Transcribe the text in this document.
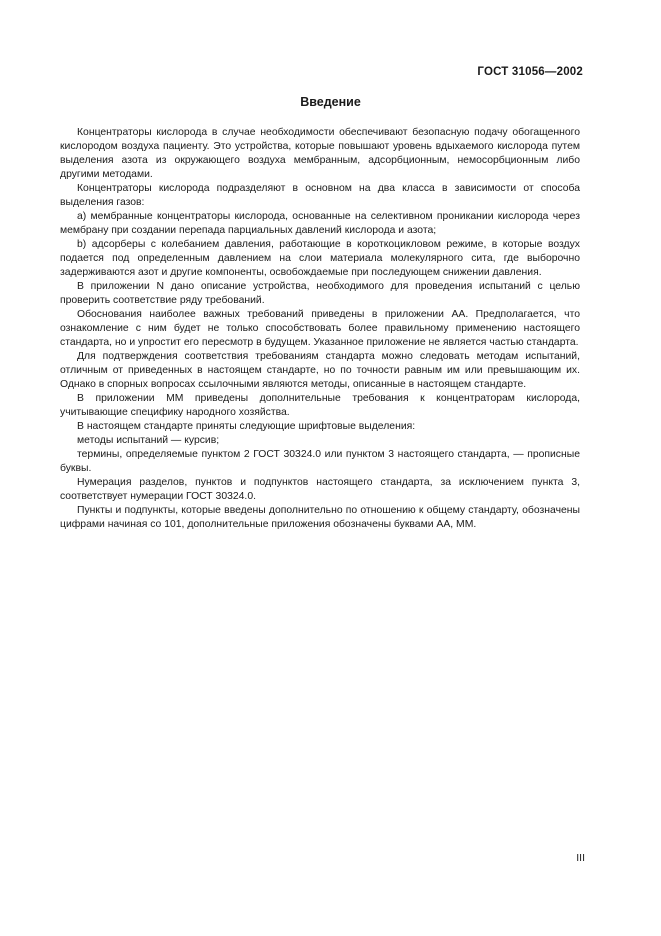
ГОСТ 31056—2002
Введение

Концентраторы кислорода в случае необходимости обеспечивают безопасную подачу обогащенного кислородом воздуха пациенту. Это устройства, которые повышают уровень вдыхаемого кислорода путем выделения азота из окружающего воздуха мембранным, адсорбционным, немосорбционным либо другими методами.

Концентраторы кислорода подразделяют в основном на два класса в зависимости от способа выделения газов:

а) мембранные концентраторы кислорода, основанные на селективном проникании кислорода через мембрану при создании перепада парциальных давлений кислорода и азота;

b) адсорберы с колебанием давления, работающие в короткоцикловом режиме, в которые воздух подается под определенным давлением на слои материала молекулярного сита, где выборочно задерживаются азот и другие компоненты, освобождаемые при последующем снижении давления.

В приложении N дано описание устройства, необходимого для проведения испытаний с целью проверить соответствие ряду требований.

Обоснования наиболее важных требований приведены в приложении АА. Предполагается, что ознакомление с ним будет не только способствовать более правильному применению настоящего стандарта, но и упростит его пересмотр в будущем. Указанное приложение не является частью стандарта.

Для подтверждения соответствия требованиям стандарта можно следовать методам испытаний, отличным от приведенных в настоящем стандарте, но по точности равным им или превышающим их. Однако в спорных вопросах ссылочными являются методы, описанные в настоящем стандарте.

В приложении ММ приведены дополнительные требования к концентраторам кислорода, учитывающие специфику народного хозяйства.

В настоящем стандарте приняты следующие шрифтовые выделения:

методы испытаний — курсив;

термины, определяемые пунктом 2 ГОСТ 30324.0 или пунктом 3 настоящего стандарта, — прописные буквы.

Нумерация разделов, пунктов и подпунктов настоящего стандарта, за исключением пункта 3, соответствует нумерации ГОСТ 30324.0.

Пункты и подпункты, которые введены дополнительно по отношению к общему стандарту, обозначены цифрами начиная со 101, дополнительные приложения обозначены буквами АА, ММ.

III
